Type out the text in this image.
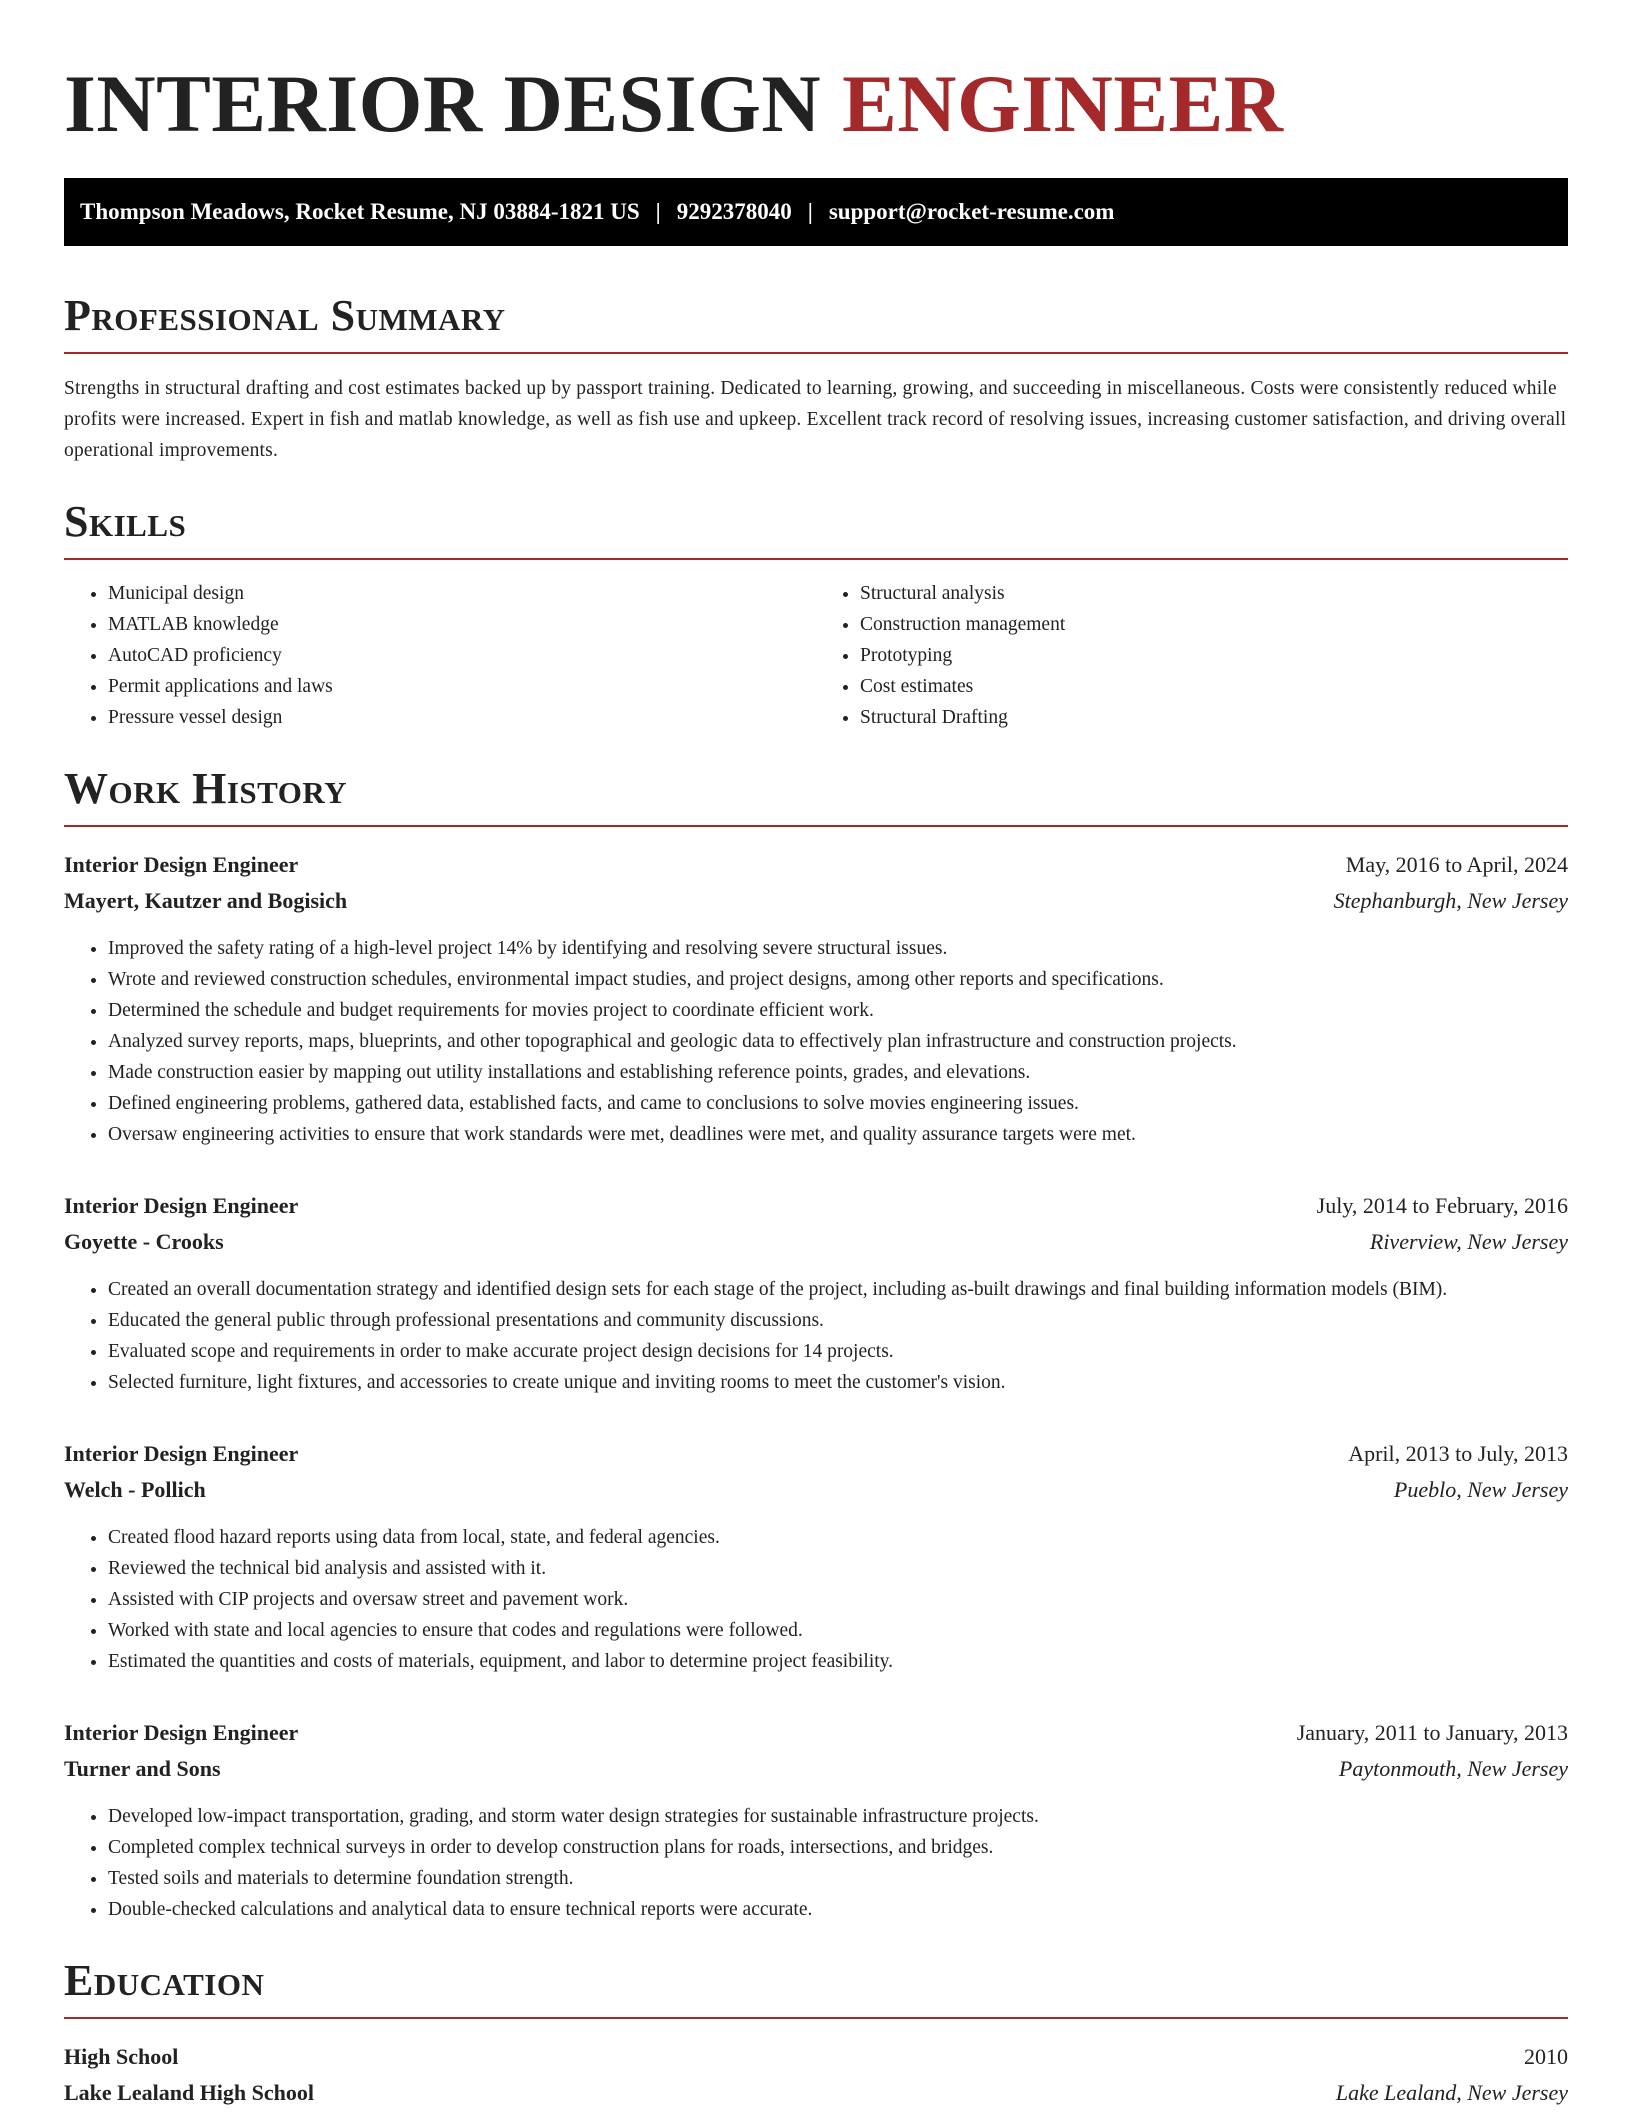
INTERIOR DESIGN ENGINEER
Thompson Meadows, Rocket Resume, NJ 03884-1821 US | 9292378040 | support@rocket-resume.com
Professional Summary

Strengths in structural drafting and cost estimates backed up by passport training. Dedicated to learning, growing, and succeeding in miscellaneous. Costs were consistently reduced while profits were increased. Expert in fish and matlab knowledge, as well as fish use and upkeep. Excellent track record of resolving issues, increasing customer satisfaction, and driving overall operational improvements.

Skills
• Municipal design
• MATLAB knowledge
• AutoCAD proficiency
• Permit applications and laws
• Pressure vessel design
• Structural analysis
• Construction management
• Prototyping
• Cost estimates
• Structural Drafting
Work History
Interior Design Engineer	May, 2016 to April, 2024
Mayert, Kautzer and Bogisich	Stephanburgh, New Jersey
• Improved the safety rating of a high-level project 14% by identifying and resolving severe structural issues.
• Wrote and reviewed construction schedules, environmental impact studies, and project designs, among other reports and specifications.
• Determined the schedule and budget requirements for movies project to coordinate efficient work.
• Analyzed survey reports, maps, blueprints, and other topographical and geologic data to effectively plan infrastructure and construction projects.
• Made construction easier by mapping out utility installations and establishing reference points, grades, and elevations.
• Defined engineering problems, gathered data, established facts, and came to conclusions to solve movies engineering issues.
• Oversaw engineering activities to ensure that work standards were met, deadlines were met, and quality assurance targets were met.
Interior Design Engineer	July, 2014 to February, 2016
Goyette - Crooks	Riverview, New Jersey
• Created an overall documentation strategy and identified design sets for each stage of the project, including as-built drawings and final building information models (BIM).
• Educated the general public through professional presentations and community discussions.
• Evaluated scope and requirements in order to make accurate project design decisions for 14 projects.
• Selected furniture, light fixtures, and accessories to create unique and inviting rooms to meet the customer's vision.
Interior Design Engineer	April, 2013 to July, 2013
Welch - Pollich	Pueblo, New Jersey
• Created flood hazard reports using data from local, state, and federal agencies.
• Reviewed the technical bid analysis and assisted with it.
• Assisted with CIP projects and oversaw street and pavement work.
• Worked with state and local agencies to ensure that codes and regulations were followed.
• Estimated the quantities and costs of materials, equipment, and labor to determine project feasibility.
Interior Design Engineer	January, 2011 to January, 2013
Turner and Sons	Paytonmouth, New Jersey
• Developed low-impact transportation, grading, and storm water design strategies for sustainable infrastructure projects.
• Completed complex technical surveys in order to develop construction plans for roads, intersections, and bridges.
• Tested soils and materials to determine foundation strength.
• Double-checked calculations and analytical data to ensure technical reports were accurate.
Education
High School	2010
Lake Lealand High School	Lake Lealand, New Jersey
